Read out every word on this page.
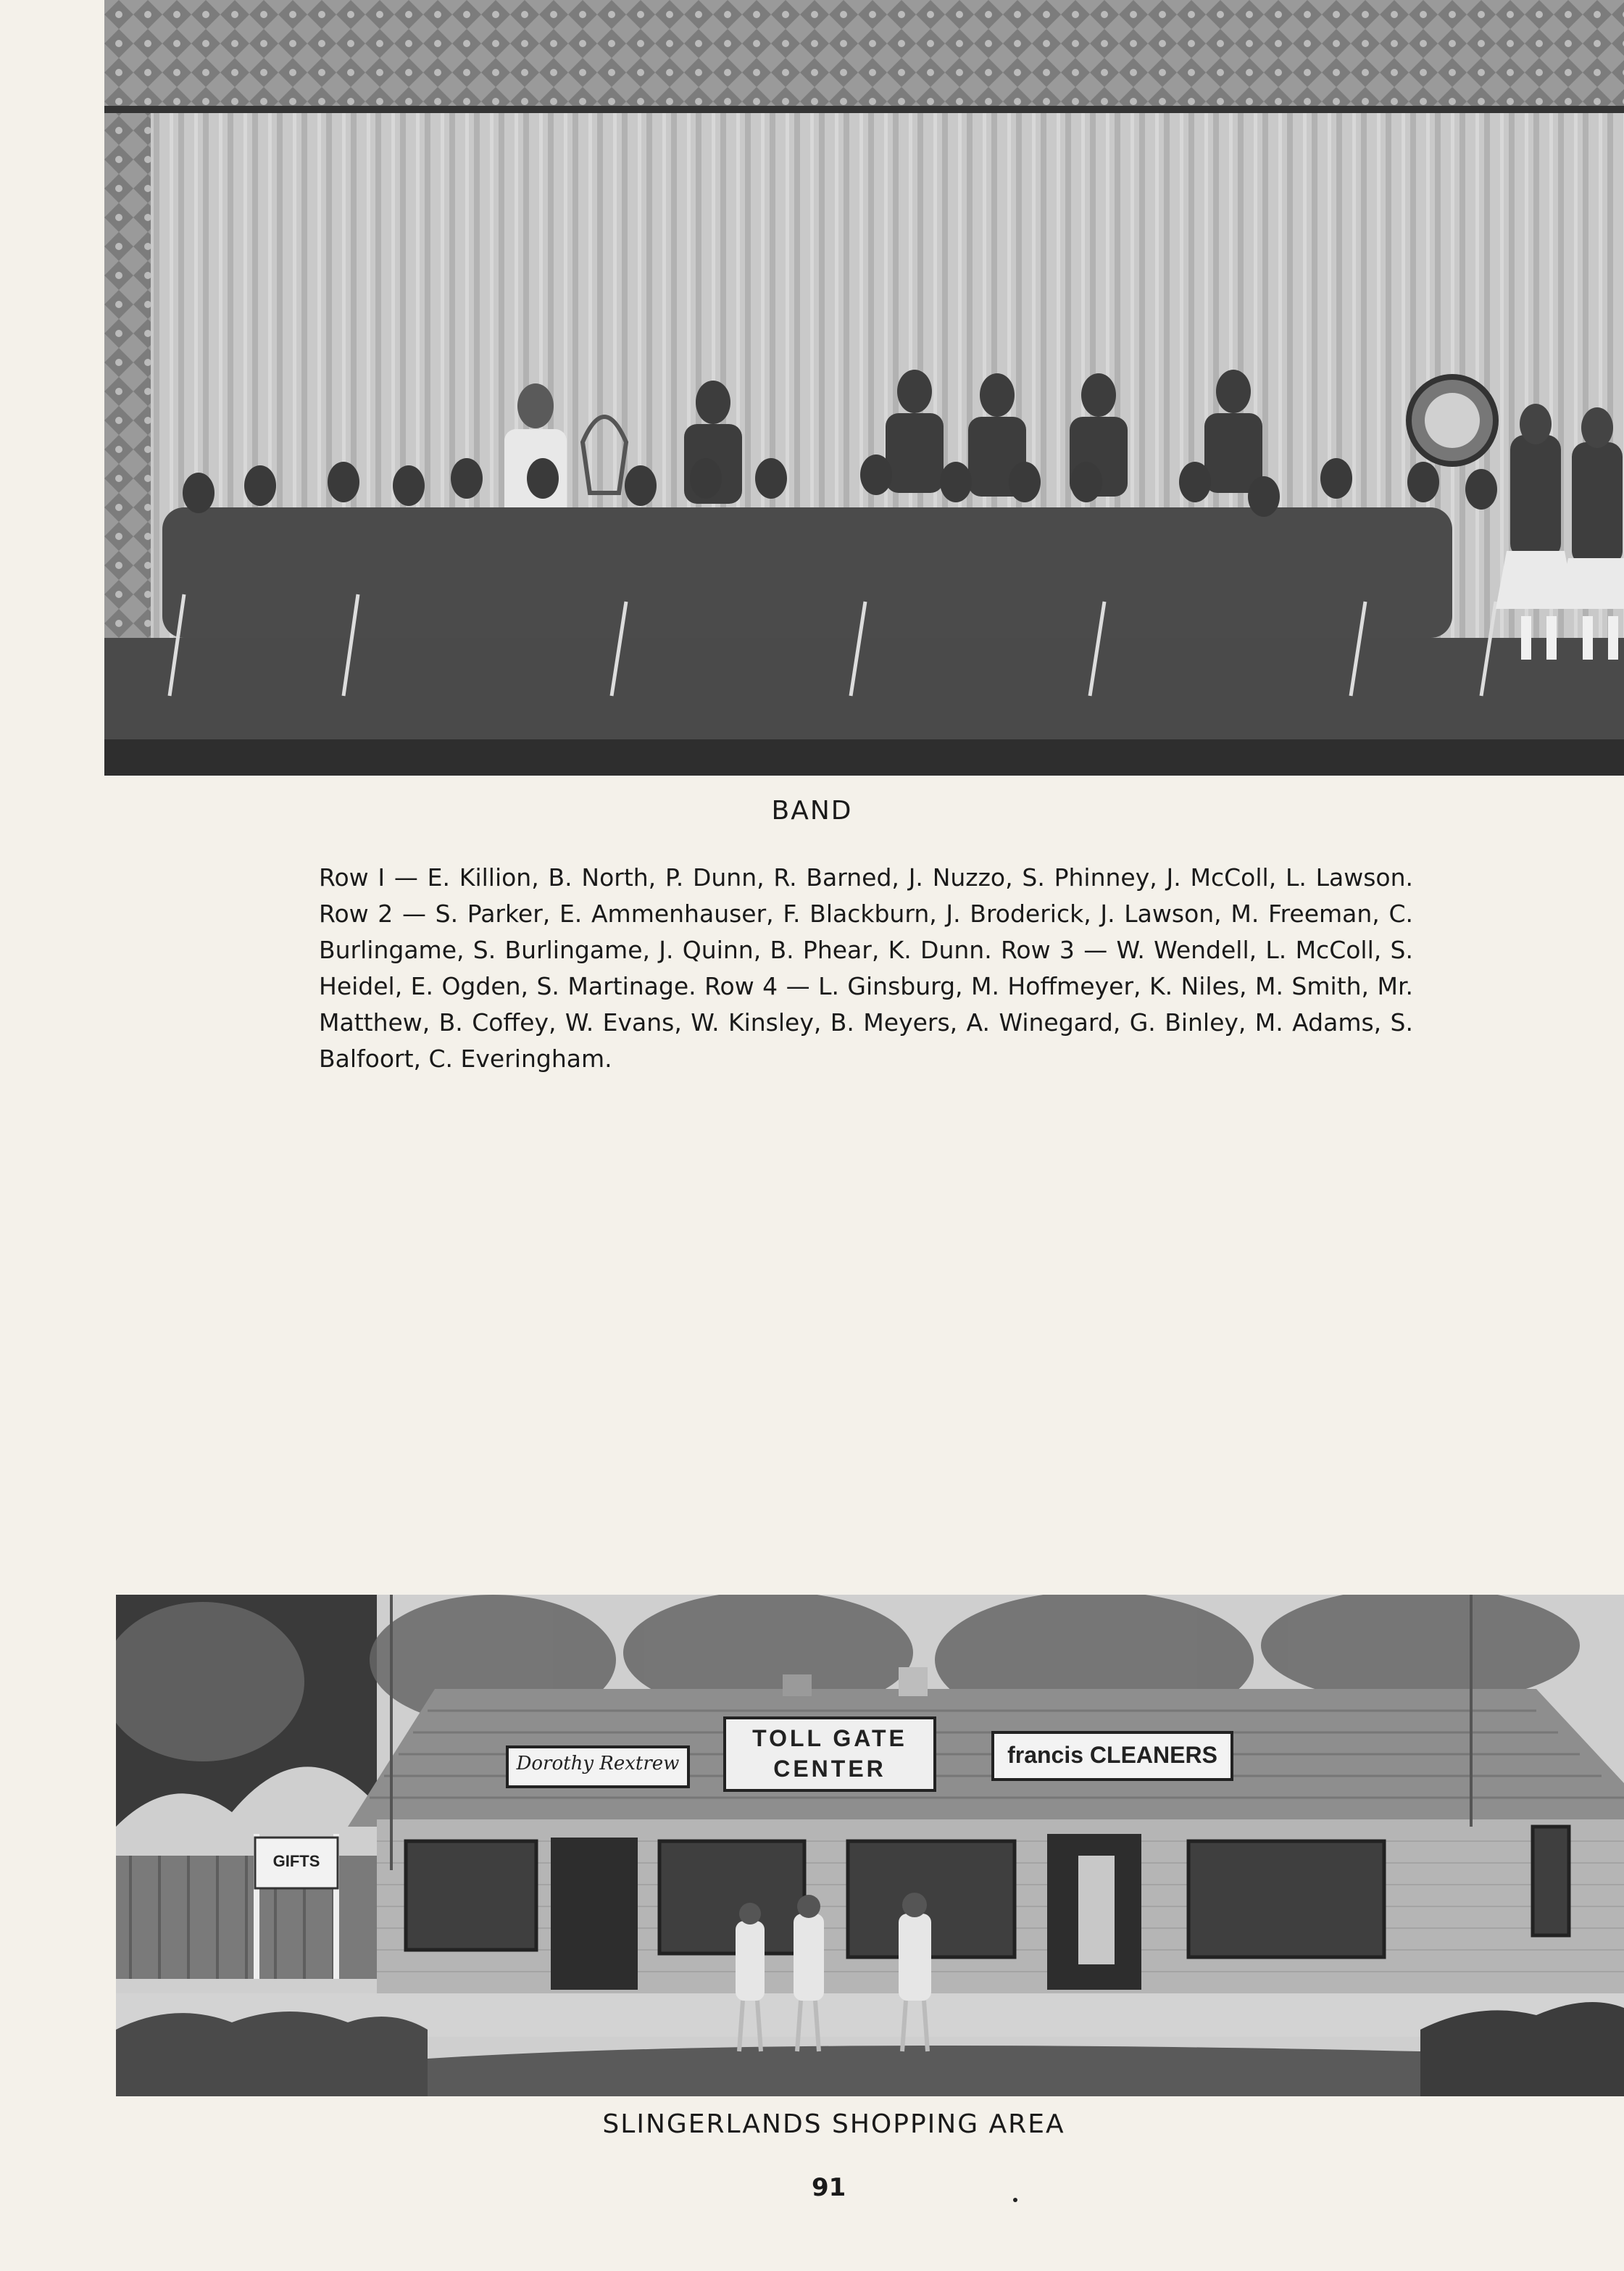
BAND

Row I — E. Killion, B. North, P. Dunn, R. Barned, J. Nuzzo, S. Phinney, J. McColl, L. Lawson. Row 2 — S. Parker, E. Ammenhauser, F. Blackburn, J. Broderick, J. Lawson, M. Freeman, C. Burlingame, S. Burlingame, J. Quinn, B. Phear, K. Dunn. Row 3 — W. Wendell, L. McColl, S. Heidel, E. Ogden, S. Martinage. Row 4 — L. Ginsburg, M. Hoffmeyer, K. Niles, M. Smith, Mr. Matthew, B. Coffey, W. Evans, W. Kinsley, B. Meyers, A. Winegard, G. Binley, M. Adams, S. Balfoort, C. Everingham.

Dorothy Rextrew
TOLL GATE
CENTER
francis CLEANERS
GIFTS
SLINGERLANDS SHOPPING AREA
91
